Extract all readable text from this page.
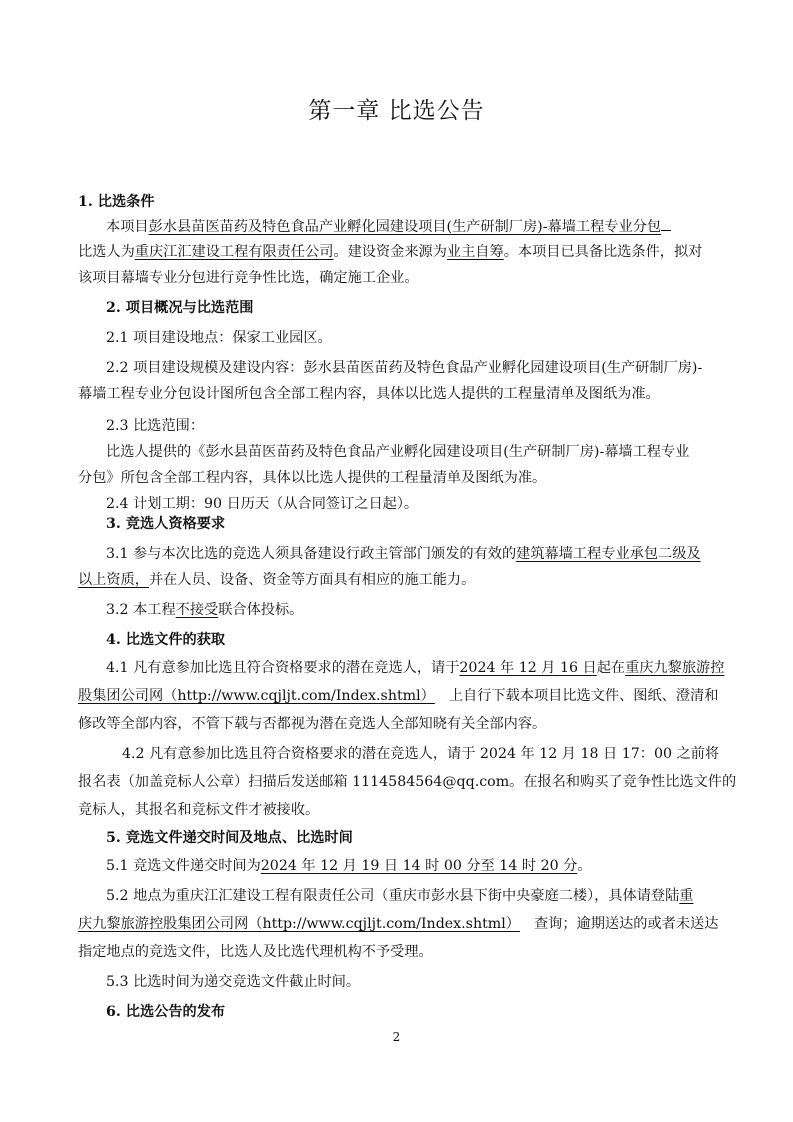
第一章 比选公告
1. 比选条件
本项目彭水县苗医苗药及特色食品产业孵化园建设项目(生产研制厂房)-幕墙工程专业分包
比选人为重庆江汇建设工程有限责任公司。建设资金来源为业主自筹。本项目已具备比选条件，拟对
该项目幕墙专业分包进行竞争性比选，确定施工企业。
2. 项目概况与比选范围
2.1 项目建设地点：保家工业园区。
2.2 项目建设规模及建设内容：彭水县苗医苗药及特色食品产业孵化园建设项目(生产研制厂房)-
幕墙工程专业分包设计图所包含全部工程内容，具体以比选人提供的工程量清单及图纸为准。
2.3 比选范围：
比选人提供的《彭水县苗医苗药及特色食品产业孵化园建设项目(生产研制厂房)-幕墙工程专业
分包》所包含全部工程内容，具体以比选人提供的工程量清单及图纸为准。
2.4 计划工期：90 日历天（从合同签订之日起）。
3. 竞选人资格要求
3.1 参与本次比选的竞选人须具备建设行政主管部门颁发的有效的建筑幕墙工程专业承包二级及
以上资质，并在人员、设备、资金等方面具有相应的施工能力。
3.2 本工程不接受联合体投标。
4. 比选文件的获取
4.1 凡有意参加比选且符合资格要求的潜在竞选人，请于2024 年 12 月 16 日起在重庆九黎旅游控
股集团公司网（http://www.cqjljt.com/Index.shtml） 上自行下载本项目比选文件、图纸、澄清和
修改等全部内容，不管下载与否都视为潜在竞选人全部知晓有关全部内容。
4.2 凡有意参加比选且符合资格要求的潜在竞选人，请于 2024 年 12 月 18 日 17：00 之前将
报名表（加盖竞标人公章）扫描后发送邮箱 1114584564@qq.com。在报名和购买了竞争性比选文件的
竞标人，其报名和竞标文件才被接收。
5. 竞选文件递交时间及地点、比选时间
5.1 竞选文件递交时间为2024 年 12 月 19 日 14 时 00 分至 14 时 20 分。
5.2 地点为重庆江汇建设工程有限责任公司（重庆市彭水县下街中央豪庭二楼），具体请登陆重
庆九黎旅游控股集团公司网（http://www.cqjljt.com/Index.shtml） 查询；逾期送达的或者未送达
指定地点的竞选文件，比选人及比选代理机构不予受理。
5.3 比选时间为递交竞选文件截止时间。
6. 比选公告的发布
2
